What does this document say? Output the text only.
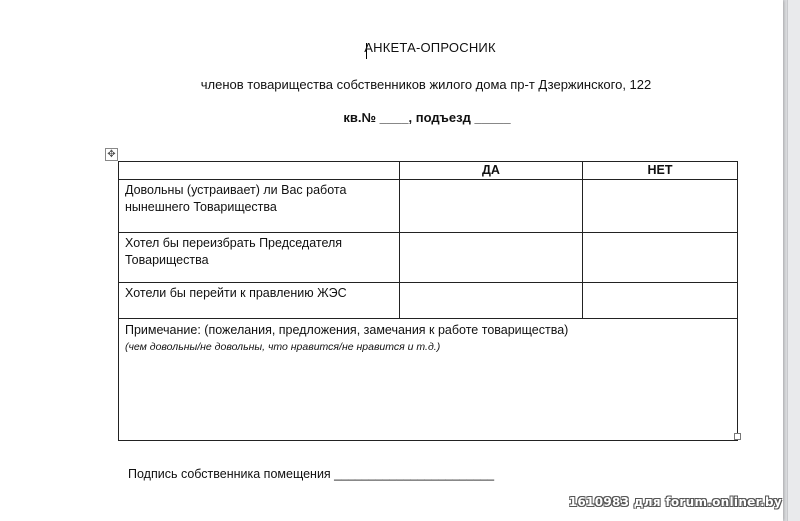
АНКЕТА-ОПРОСНИК
членов товарищества собственников жилого дома пр-т Дзержинского, 122
кв.№ ____, подъезд _____
✥
	ДА	НЕТ
Довольны (устраивает) ли Вас работа нынешнего Товарищества		
Хотел бы переизбрать Председателя Товарищества		
Хотели бы перейти к правлению ЖЭС		
Примечание: (пожелания, предложения, замечания к работе товарищества)
(чем довольны/не довольны, что нравится/не нравится и т.д.)		
Подпись собственника помещения _______________________
1610983 для forum.onliner.by
